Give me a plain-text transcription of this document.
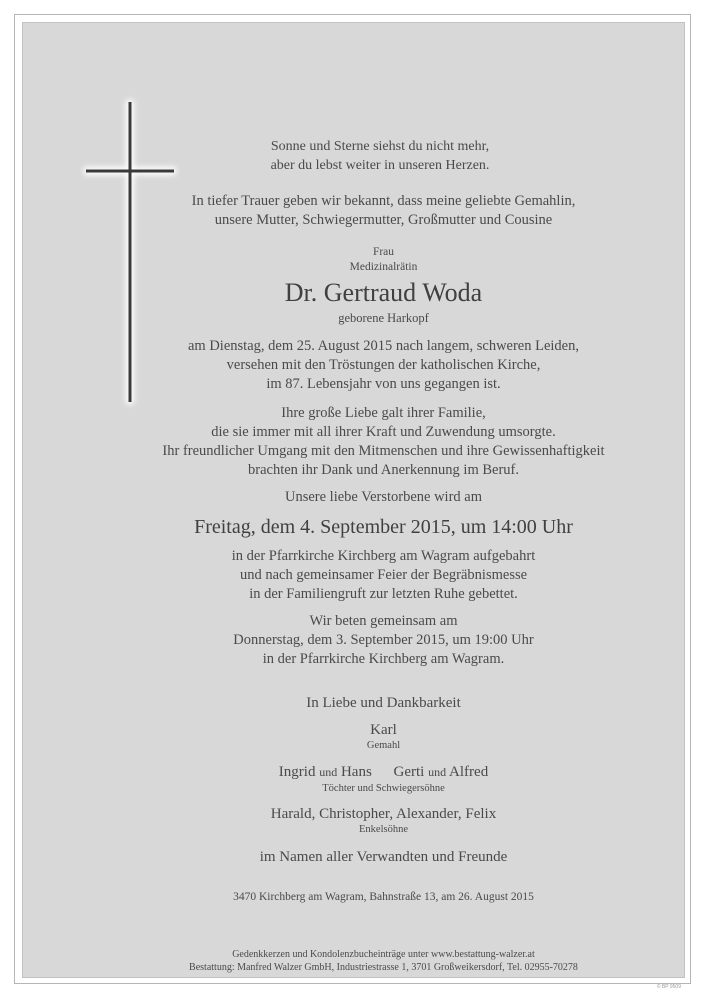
Sonne und Sterne siehst du nicht mehr,
aber du lebst weiter in unseren Herzen.
In tiefer Trauer geben wir bekannt, dass meine geliebte Gemahlin,
unsere Mutter, Schwiegermutter, Großmutter und Cousine
Frau
Medizinalrätin
Dr. Gertraud Woda
geborene Harkopf
am Dienstag, dem 25. August 2015 nach langem, schweren Leiden,
versehen mit den Tröstungen der katholischen Kirche,
im 87. Lebensjahr von uns gegangen ist.
Ihre große Liebe galt ihrer Familie,
die sie immer mit all ihrer Kraft und Zuwendung umsorgte.
Ihr freundlicher Umgang mit den Mitmenschen und ihre Gewissenhaftigkeit
brachten ihr Dank und Anerkennung im Beruf.
Unsere liebe Verstorbene wird am
Freitag, dem 4. September 2015, um 14:00 Uhr
in der Pfarrkirche Kirchberg am Wagram aufgebahrt
und nach gemeinsamer Feier der Begräbnismesse
in der Familiengruft zur letzten Ruhe gebettet.
Wir beten gemeinsam am
Donnerstag, dem 3. September 2015, um 19:00 Uhr
in der Pfarrkirche Kirchberg am Wagram.
In Liebe und Dankbarkeit
Karl
Gemahl
Ingrid und Hans Gerti und Alfred
Töchter und Schwiegersöhne
Harald, Christopher, Alexander, Felix
Enkelsöhne
im Namen aller Verwandten und Freunde
3470 Kirchberg am Wagram, Bahnstraße 13, am 26. August 2015
Gedenkkerzen und Kondolenzbucheinträge unter www.bestattung-walzer.at
Bestattung: Manfred Walzer GmbH, Industriestrasse 1, 3701 Großweikersdorf, Tel. 02955-70278
© BP 9509
